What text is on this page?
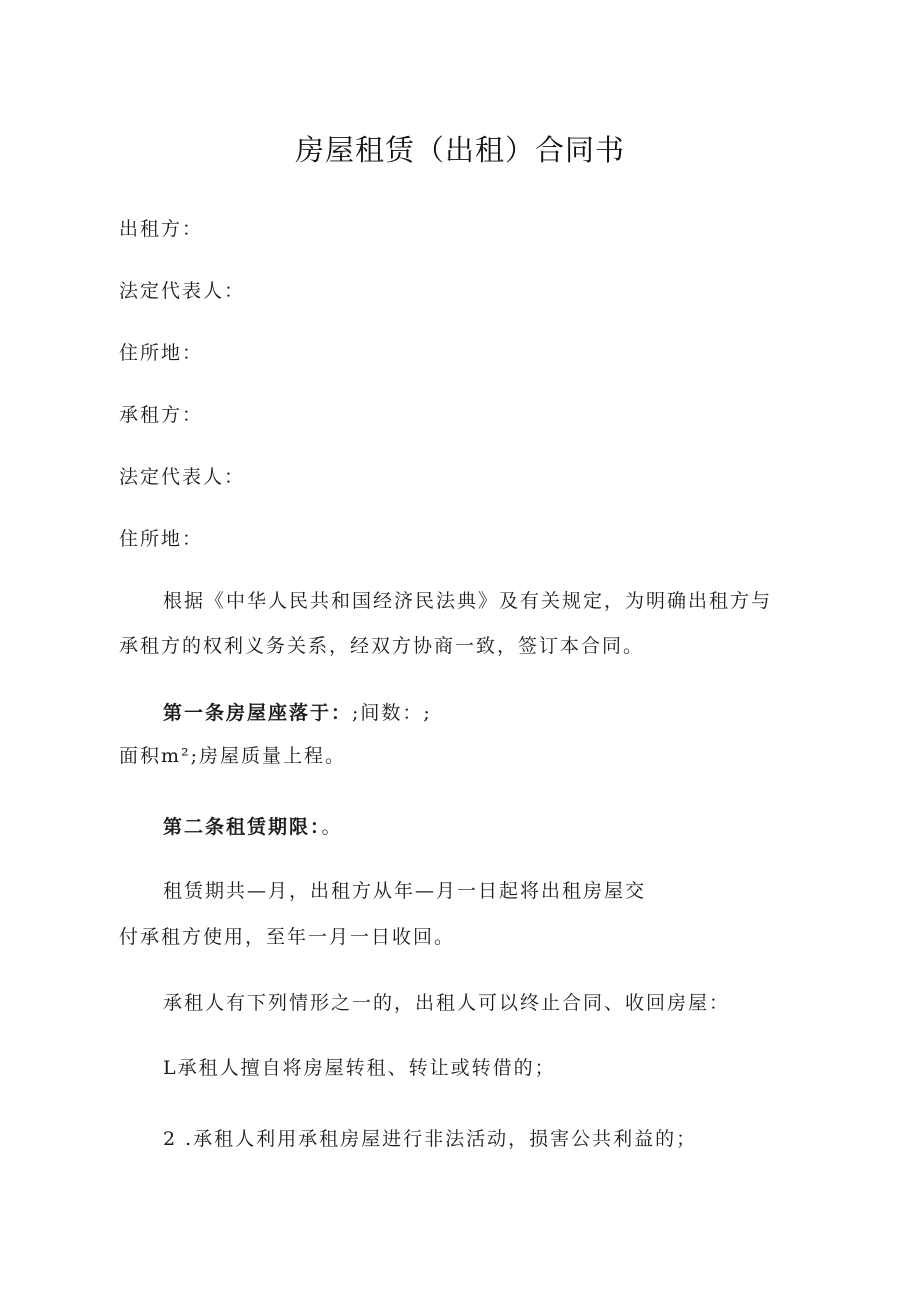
房屋租赁（出租）合同书
出租方：
法定代表人：
住所地：
承租方：
法定代表人：
住所地：
根据《中华人民共和国经济民法典》及有关规定，为明确出租方与
承租方的权利义务关系，经双方协商一致，签订本合同。
第一条房屋座落于：;间数：;
面积m²;房屋质量上程。
第二条租赁期限：。
租赁期共—月，出租方从年—月一日起将出租房屋交
付承租方使用，至年一月一日收回。
承租人有下列情形之一的，出租人可以终止合同、收回房屋：
L承租人擅自将房屋转租、转让或转借的；
2 .承租人利用承租房屋进行非法活动，损害公共利益的；
